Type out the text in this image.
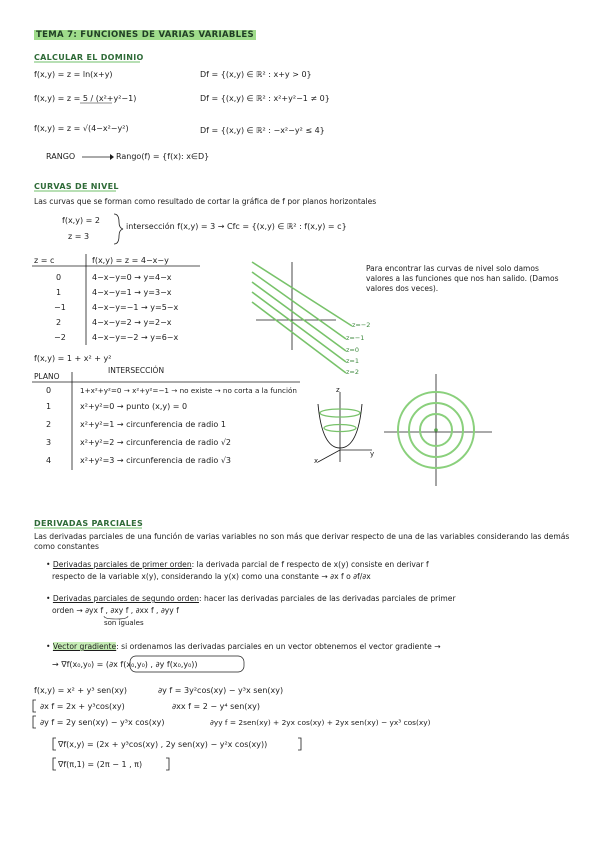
TEMA 7: FUNCIONES DE VARIAS VARIABLES
CALCULAR EL DOMINIO
f(x,y) = z = ln(x+y)	Df = {(x,y) ∈ ℝ² : x+y > 0}
f(x,y) = z = 5 / (x²+y²−1)	Df = {(x,y) ∈ ℝ² : x²+y²−1 ≠ 0}
f(x,y) = z = √(4−x²−y²)	Df = {(x,y) ∈ ℝ² : −x²−y² ≤ 4}
RANGO	Rango(f) = {f(x): x∈D}
CURVAS DE NIVEL
Las curvas que se forman como resultado de cortar la gráfica de f por planos horizontales
f(x,y) = 2
z = 3
intersección f(x,y) = 3 → Cfc = {(x,y) ∈ ℝ² : f(x,y) = c}
z = c	f(x,y) = z = 4−x−y
0	4−x−y=0 → y=4−x
1	4−x−y=1 → y=3−x
−1	4−x−y=−1 → y=5−x
2	4−x−y=2 → y=2−x
−2	4−x−y=−2 → y=6−x
z=−2
z=−1
z=0
z=1
z=2
Para encontrar las curvas de nivel solo damos valores a las funciones que nos han salido. (Damos valores dos veces).
f(x,y) = 1 + x² + y²
PLANO
INTERSECCIÓN
0	1+x²+y²=0 → x²+y²=−1 → no existe → no corta a la función
1	x²+y²=0 → punto (x,y) = 0
2	x²+y²=1 → circunferencia de radio 1
3	x²+y²=2 → circunferencia de radio √2
4	x²+y²=3 → circunferencia de radio √3
z
x
y
DERIVADAS PARCIALES
Las derivadas parciales de una función de varias variables no son más que derivar respecto de una de las variables considerando las demás como constantes
• Derivadas parciales de primer orden: la derivada parcial de f respecto de x(y) consiste en derivar f
respecto de la variable x(y), considerando la y(x) como una constante → ∂x f o ∂f/∂x
• Derivadas parciales de segundo orden: hacer las derivadas parciales de las derivadas parciales de primer
orden → ∂yx f , ∂xy f , ∂xx f , ∂yy f
son iguales
• Vector gradiente: si ordenamos las derivadas parciales en un vector obtenemos el vector gradiente →
→ ∇f(x₀,y₀) = (∂x f(x₀,y₀) , ∂y f(x₀,y₀))
f(x,y) = x² + y³ sen(xy)	∂y f = 3y²cos(xy) − y³x sen(xy)
∂x f = 2x + y³cos(xy)	∂xx f = 2 − y⁴ sen(xy)
∂y f = 2y sen(xy) − y³x cos(xy)	∂yy f = 2sen(xy) + 2yx cos(xy) + 2yx sen(xy) − yx³ cos(xy)
∇f(x,y) = (2x + y³cos(xy) , 2y sen(xy) − y²x cos(xy))
∇f(π,1) = (2π − 1 , π)
